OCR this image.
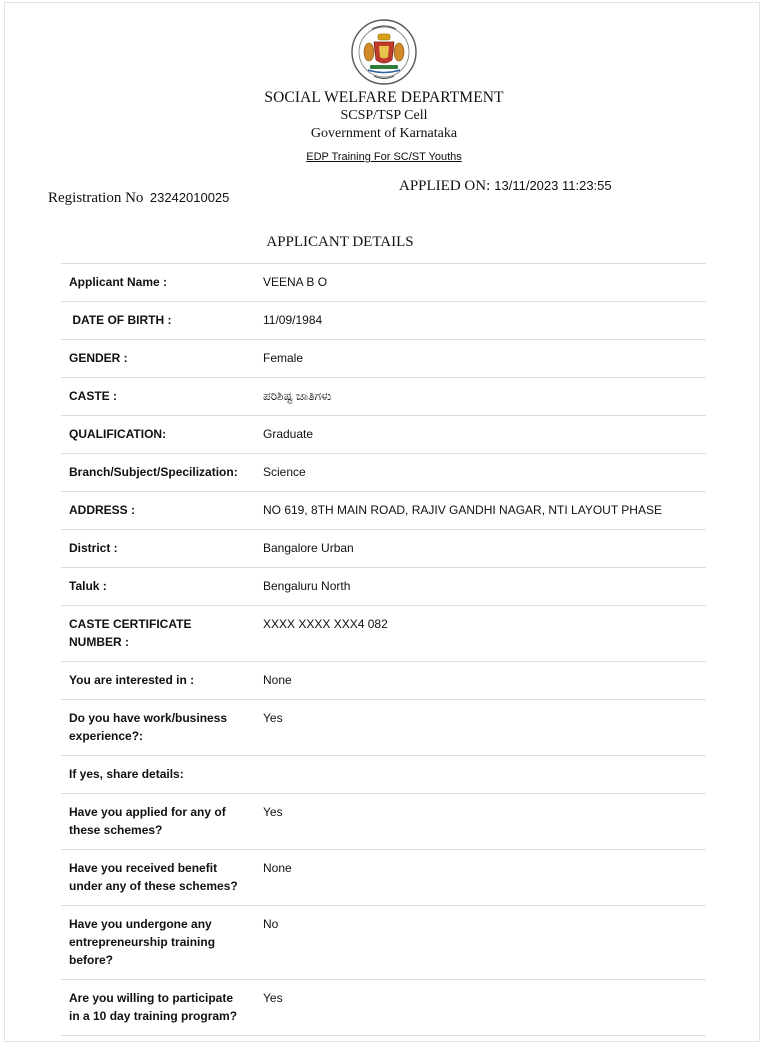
SOCIAL WELFARE DEPARTMENT
SCSP/TSP Cell
Government of Karnataka
EDP Training For SC/ST Youths
APPLIED ON: 13/11/2023 11:23:55
Registration No 23242010025
APPLICANT DETAILS
Applicant Name :	VEENA B O
DATE OF BIRTH :	11/09/1984
GENDER :	Female
CASTE :	ಪರಿಶಿಷ್ಟ ಜಾತಿಗಳು
QUALIFICATION:	Graduate
Branch/Subject/Specilization:	Science
ADDRESS :	NO 619, 8TH MAIN ROAD, RAJIV GANDHI NAGAR, NTI LAYOUT PHASE
District :	Bangalore Urban
Taluk :	Bengaluru North
CASTE CERTIFICATE NUMBER :	XXXX XXXX XXX4 082
You are interested in :	None
Do you have work/business experience?:	Yes
If yes, share details:	
Have you applied for any of these schemes?	Yes
Have you received benefit under any of these schemes?	None
Have you undergone any entrepreneurship training before?	No
Are you willing to participate in a 10 day training program?	Yes
